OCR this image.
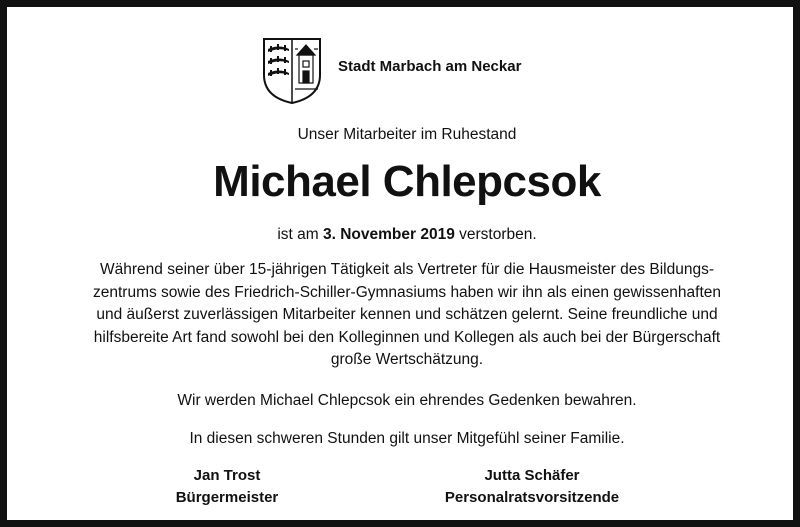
Stadt Marbach am Neckar
Unser Mitarbeiter im Ruhestand
Michael Chlepcsok
ist am 3. November 2019 verstorben.
Während seiner über 15-jährigen Tätigkeit als Vertreter für die Hausmeister des Bildungs-
zentrums sowie des Friedrich-Schiller-Gymnasiums haben wir ihn als einen gewissenhaften
und äußerst zuverlässigen Mitarbeiter kennen und schätzen gelernt. Seine freundliche und
hilfsbereite Art fand sowohl bei den Kolleginnen und Kollegen als auch bei der Bürgerschaft
große Wertschätzung.
Wir werden Michael Chlepcsok ein ehrendes Gedenken bewahren.
In diesen schweren Stunden gilt unser Mitgefühl seiner Familie.
Jan Trost
Bürgermeister
Jutta Schäfer
Personalratsvorsitzende
